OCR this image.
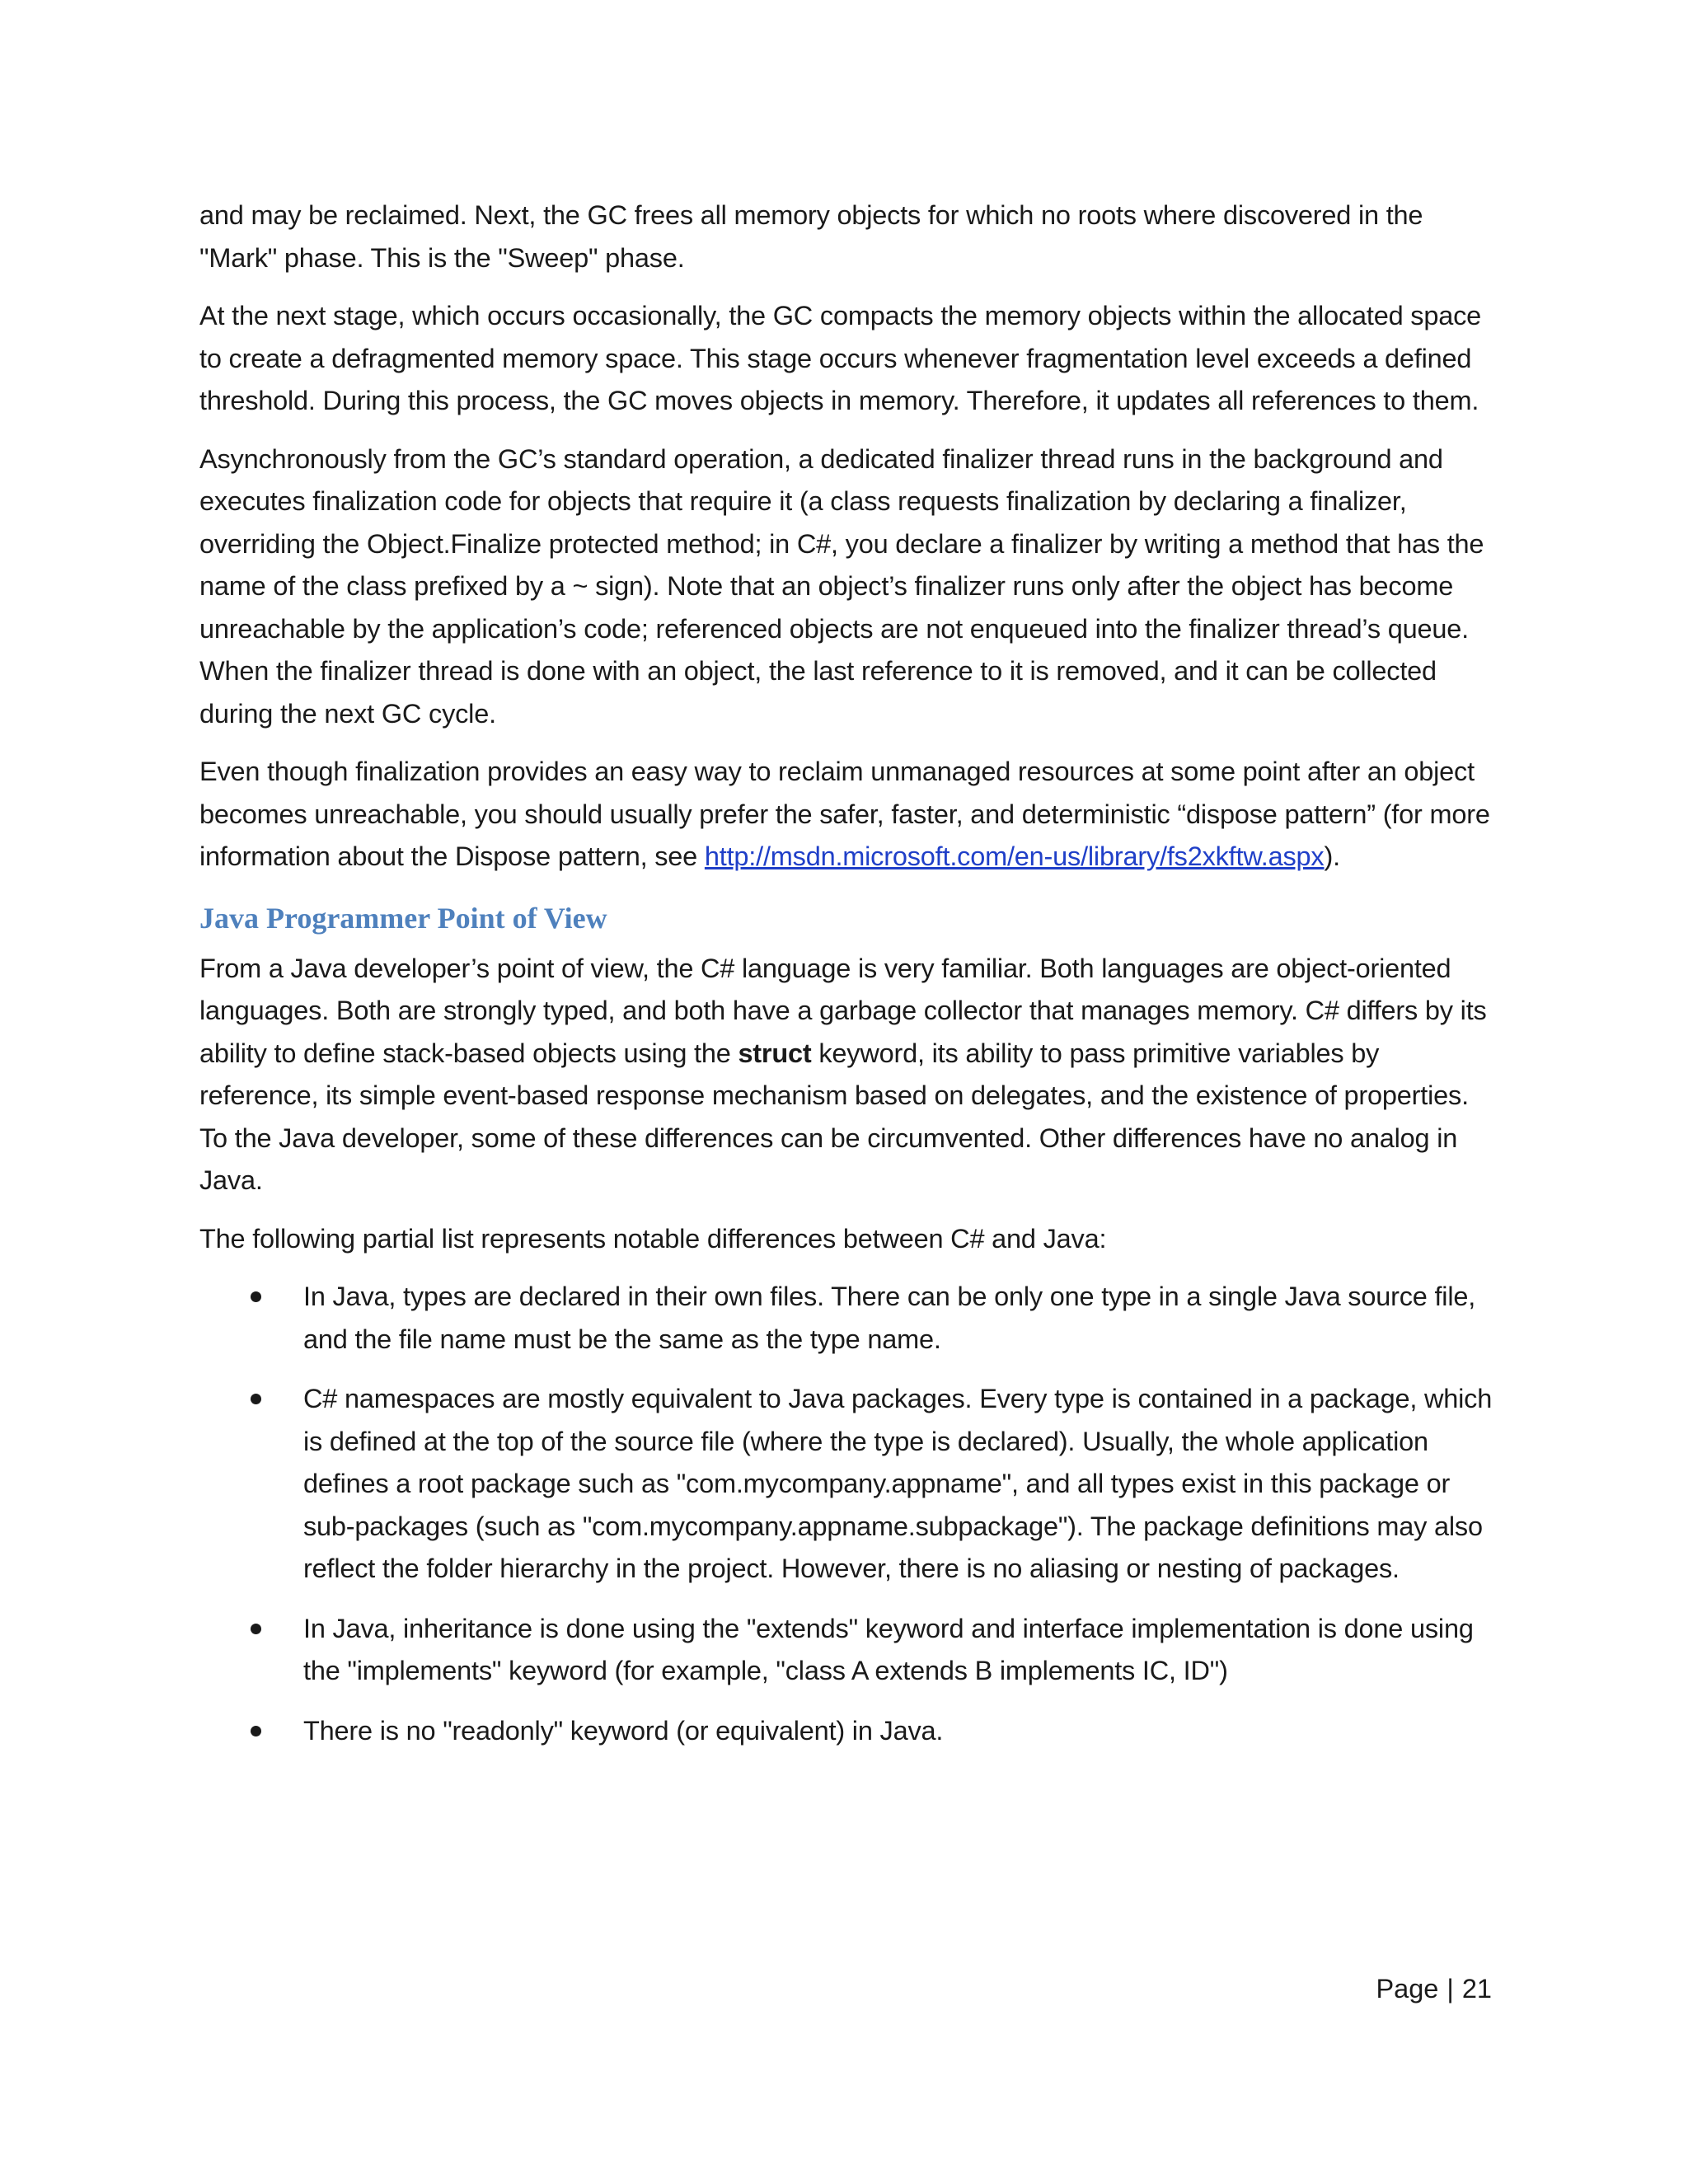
and may be reclaimed. Next, the GC frees all memory objects for which no roots where discovered in the "Mark" phase. This is the "Sweep" phase.

At the next stage, which occurs occasionally, the GC compacts the memory objects within the allocated space to create a defragmented memory space. This stage occurs whenever fragmentation level exceeds a defined threshold. During this process, the GC moves objects in memory. Therefore, it updates all references to them.

Asynchronously from the GC’s standard operation, a dedicated finalizer thread runs in the background and executes finalization code for objects that require it (a class requests finalization by declaring a finalizer, overriding the Object.Finalize protected method; in C#, you declare a finalizer by writing a method that has the name of the class prefixed by a ~ sign). Note that an object’s finalizer runs only after the object has become unreachable by the application’s code; referenced objects are not enqueued into the finalizer thread’s queue. When the finalizer thread is done with an object, the last reference to it is removed, and it can be collected during the next GC cycle.

Even though finalization provides an easy way to reclaim unmanaged resources at some point after an object becomes unreachable, you should usually prefer the safer, faster, and deterministic “dispose pattern” (for more information about the Dispose pattern, see http://msdn.microsoft.com/en-us/library/fs2xkftw.aspx).

Java Programmer Point of View

From a Java developer’s point of view, the C# language is very familiar. Both languages are object-oriented languages. Both are strongly typed, and both have a garbage collector that manages memory. C# differs by its ability to define stack-based objects using the struct keyword, its ability to pass primitive variables by reference, its simple event-based response mechanism based on delegates, and the existence of properties. To the Java developer, some of these differences can be circumvented. Other differences have no analog in Java.

The following partial list represents notable differences between C# and Java:

In Java, types are declared in their own files. There can be only one type in a single Java source file, and the file name must be the same as the type name.
C# namespaces are mostly equivalent to Java packages. Every type is contained in a package, which is defined at the top of the source file (where the type is declared). Usually, the whole application defines a root package such as "com.mycompany.appname", and all types exist in this package or sub-packages (such as "com.mycompany.appname.subpackage"). The package definitions may also reflect the folder hierarchy in the project. However, there is no aliasing or nesting of packages.
In Java, inheritance is done using the "extends" keyword and interface implementation is done using the "implements" keyword (for example, "class A extends B implements IC, ID")
There is no "readonly" keyword (or equivalent) in Java.
Page | 21
